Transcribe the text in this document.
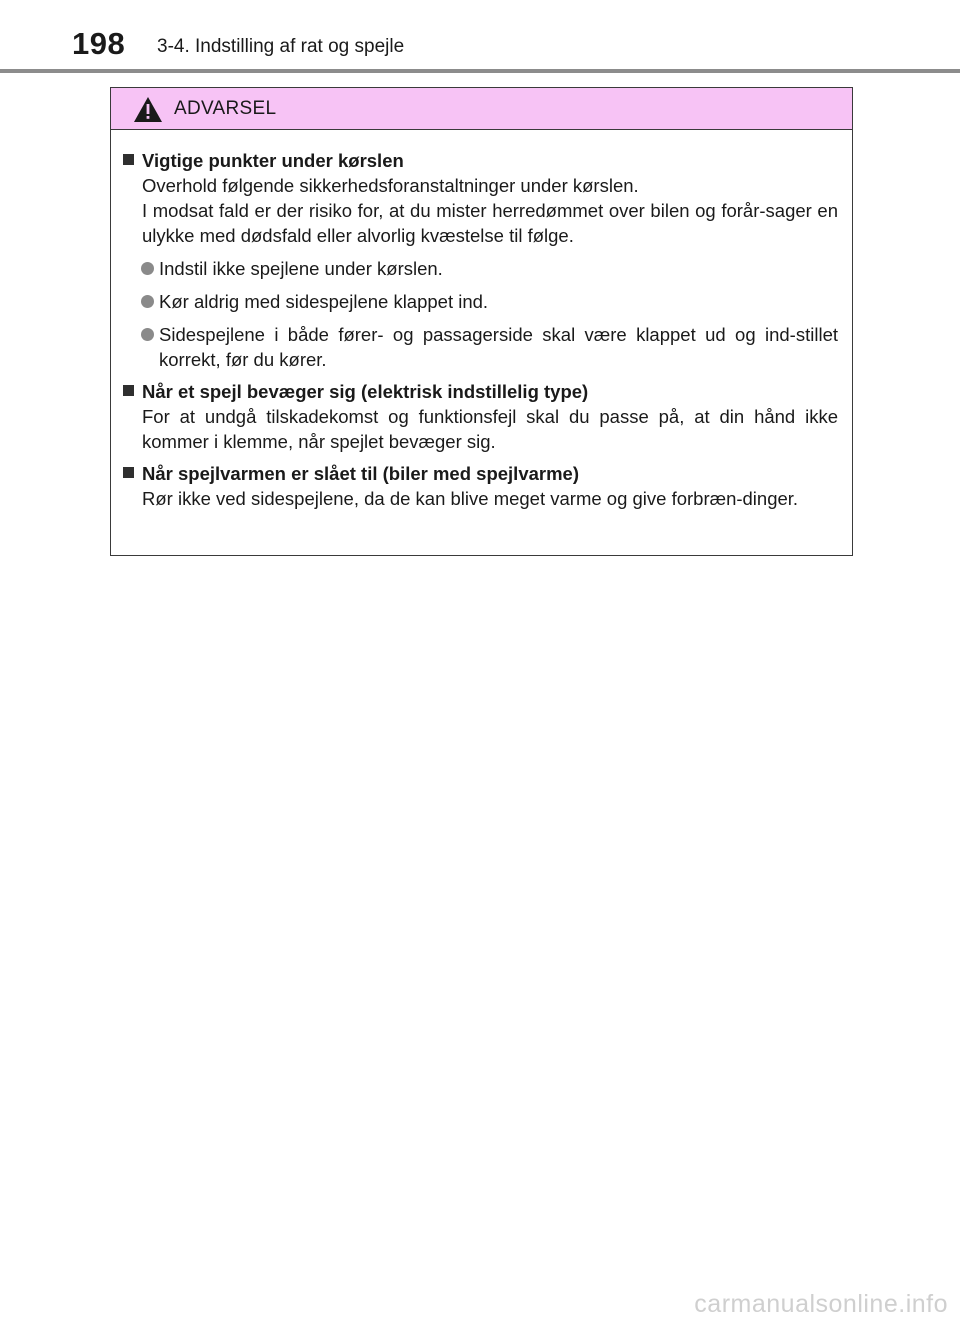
198 3-4. Indstilling af rat og spejle
ADVARSEL
Vigtige punkter under kørslen
Overhold følgende sikkerhedsforanstaltninger under kørslen.
I modsat fald er der risiko for, at du mister herredømmet over bilen og forår-sager en ulykke med dødsfald eller alvorlig kvæstelse til følge.
Indstil ikke spejlene under kørslen.
Kør aldrig med sidespejlene klappet ind.
Sidespejlene i både fører- og passagerside skal være klappet ud og ind-stillet korrekt, før du kører.
Når et spejl bevæger sig (elektrisk indstillelig type)
For at undgå tilskadekomst og funktionsfejl skal du passe på, at din hånd ikke kommer i klemme, når spejlet bevæger sig.
Når spejlvarmen er slået til (biler med spejlvarme)
Rør ikke ved sidespejlene, da de kan blive meget varme og give forbræn-dinger.
carmanualsonline.info
